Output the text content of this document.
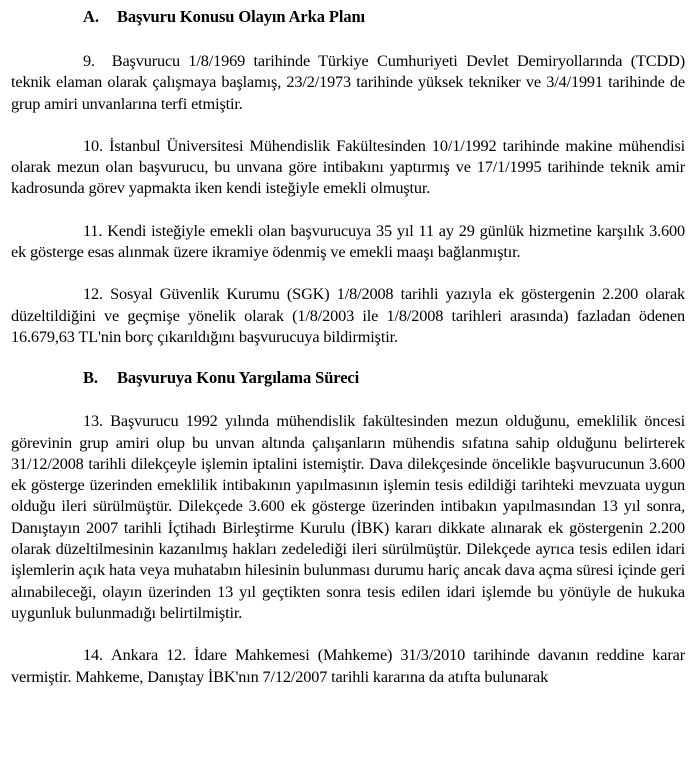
A. Başvuru Konusu Olayın Arka Planı

9. Başvurucu 1/8/1969 tarihinde Türkiye Cumhuriyeti Devlet Demiryollarında (TCDD) teknik elaman olarak çalışmaya başlamış, 23/2/1973 tarihinde yüksek tekniker ve 3/4/1991 tarihinde de grup amiri unvanlarına terfi etmiştir.

10. İstanbul Üniversitesi Mühendislik Fakültesinden 10/1/1992 tarihinde makine mühendisi olarak mezun olan başvurucu, bu unvana göre intibakını yaptırmış ve 17/1/1995 tarihinde teknik amir kadrosunda görev yapmakta iken kendi isteğiyle emekli olmuştur.

11. Kendi isteğiyle emekli olan başvurucuya 35 yıl 11 ay 29 günlük hizmetine karşılık 3.600 ek gösterge esas alınmak üzere ikramiye ödenmiş ve emekli maaşı bağlanmıştır.

12. Sosyal Güvenlik Kurumu (SGK) 1/8/2008 tarihli yazıyla ek göstergenin 2.200 olarak düzeltildiğini ve geçmişe yönelik olarak (1/8/2003 ile 1/8/2008 tarihleri arasında) fazladan ödenen 16.679,63 TL'nin borç çıkarıldığını başvurucuya bildirmiştir.

B. Başvuruya Konu Yargılama Süreci

13. Başvurucu 1992 yılında mühendislik fakültesinden mezun olduğunu, emeklilik öncesi görevinin grup amiri olup bu unvan altında çalışanların mühendis sıfatına sahip olduğunu belirterek 31/12/2008 tarihli dilekçeyle işlemin iptalini istemiştir. Dava dilekçesinde öncelikle başvurucunun 3.600 ek gösterge üzerinden emeklilik intibakının yapılmasının işlemin tesis edildiği tarihteki mevzuata uygun olduğu ileri sürülmüştür. Dilekçede 3.600 ek gösterge üzerinden intibakın yapılmasından 13 yıl sonra, Danıştayın 2007 tarihli İçtihadı Birleştirme Kurulu (İBK) kararı dikkate alınarak ek göstergenin 2.200 olarak düzeltilmesinin kazanılmış hakları zedelediği ileri sürülmüştür. Dilekçede ayrıca tesis edilen idari işlemlerin açık hata veya muhatabın hilesinin bulunması durumu hariç ancak dava açma süresi içinde geri alınabileceği, olayın üzerinden 13 yıl geçtikten sonra tesis edilen idari işlemde bu yönüyle de hukuka uygunluk bulunmadığı belirtilmiştir.

14. Ankara 12. İdare Mahkemesi (Mahkeme) 31/3/2010 tarihinde davanın reddine karar vermiştir. Mahkeme, Danıştay İBK'nın 7/12/2007 tarihli kararına da atıfta bulunarak
